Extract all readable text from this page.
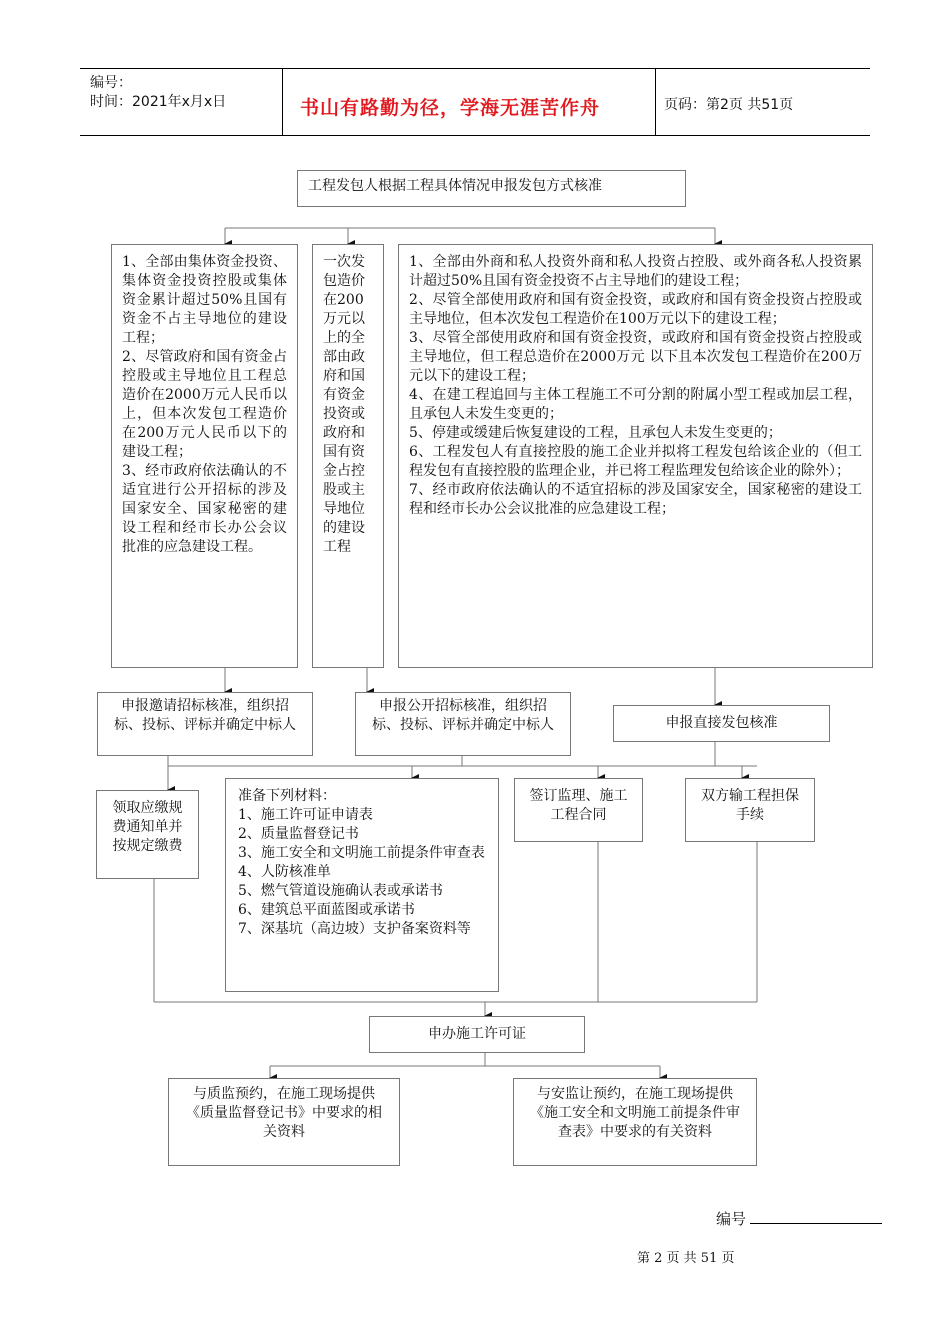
编号：
时间：2021年x月x日	书山有路勤为径，学海无涯苦作舟	页码：第2页 共51页
工程发包人根据工程具体情况申报发包方式核准
1、全部由集体资金投资、集体资金投资控股或集体资金累计超过50%且国有资金不占主导地位的建设工程；
2、尽管政府和国有资金占控股或主导地位且工程总造价在2000万元人民币以上，但本次发包工程造价在200万元人民币以下的建设工程；
3、经市政府依法确认的不适宜进行公开招标的涉及国家安全、国家秘密的建设工程和经市长办公会议批准的应急建设工程。
一次发包造价在200万元以上的全部由政府和国有资金投资或政府和国有资金占控股或主导地位的建设工程
1、全部由外商和私人投资外商和私人投资占控股、或外商各私人投资累计超过50%且国有资金投资不占主导地们的建设工程；
2、尽管全部使用政府和国有资金投资，或政府和国有资金投资占控股或主导地位，但本次发包工程造价在100万元以下的建设工程；
3、尽管全部使用政府和国有资金投资，或政府和国有资金投资占控股或主导地位，但工程总造价在2000万元 以下且本次发包工程造价在200万元以下的建设工程；
4、在建工程追回与主体工程施工不可分割的附属小型工程或加层工程，且承包人未发生变更的；
5、停建或缓建后恢复建设的工程，且承包人未发生变更的；
6、工程发包人有直接控股的施工企业并拟将工程发包给该企业的（但工程发包有直接控股的监理企业，并已将工程监理发包给该企业的除外）；
7、经市政府依法确认的不适宜招标的涉及国家安全，国家秘密的建设工程和经市长办公会议批准的应急建设工程；
申报邀请招标核准，组织招标、投标、评标并确定中标人
申报公开招标核准，组织招标、投标、评标并确定中标人	申报直接发包核准
领取应缴规费通知单并按规定缴费
准备下列材料：
1、施工许可证申请表
2、质量监督登记书
3、施工安全和文明施工前提条件审查表
4、人防核准单
5、燃气管道设施确认表或承诺书
6、建筑总平面蓝图或承诺书
7、深基坑（高边坡）支护备案资料等
签订监理、施工工程合同
双方输工程担保手续
申办施工许可证
与质监预约，在施工现场提供《质量监督登记书》中要求的相关资料
与安监让预约，在施工现场提供《施工安全和文明施工前提条件审查表》中要求的有关资料
编号
第 2 页 共 51 页
